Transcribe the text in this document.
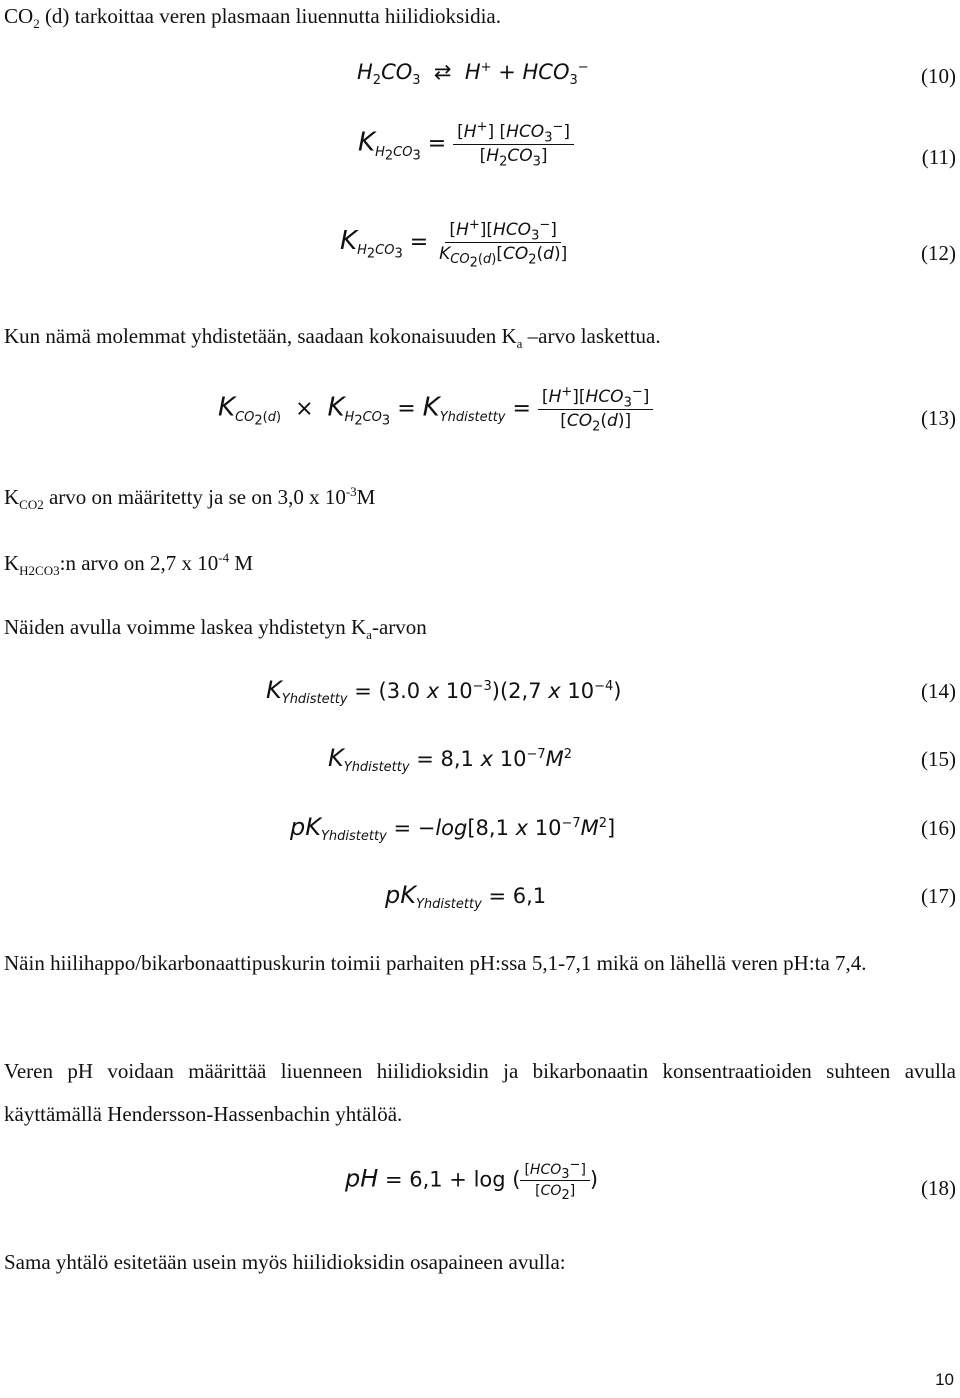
$CO_2$ (d) tarkoittaa veren plasmaan liuennutta hiilidioksidia.
$H_2CO_3$  ⇄  $H^+ + HCO_3^-$	(10)
$K_{H_2CO_3} = \frac{[H^+] [HCO_3^-]}{[H_2CO_3]}$	(11)
$K_{H_2CO_3} = \frac{[H^+][HCO_3^-]}{K_{CO_2(d)}[CO_2(d)]}$	(12)
Kun nämä molemmat yhdistetään, saadaan kokonaisuuden $K_a$ –arvo laskettua.
$K_{CO_2(d)} \times K_{H_2CO_3} = K_{Yhdistetty} = \frac{[H^+][HCO_3^-]}{[CO_2(d)]}$	(13)
$K_{CO2}$ arvo on määritetty ja se on 3,0 x $10^{-3}M$
$K_{H2CO3}:n$ arvo on 2,7 x $10^{-4}$ M
Näiden avulla voimme laskea yhdistetyn $K_a$-arvon
$K_{Yhdistetty} = (3.0$ x $10^{-3})(2,7$ x $10^{-4}$)	(14)
$K_{Yhdistetty} = 8,1$ x $10^{-7}M^2$	(15)
$pK_{Yhdistetty} = -\log[8,1$ x $10^{-7}M^2$]	(16)
$pK_{Yhdistetty} = 6,1$	(17)
Näin hiilihappo/bikarbonaattipuskurin toimii parhaiten pH:ssa 5,1-7,1 mikä on lähellä veren pH:ta 7,4.
Veren pH voidaan määrittää liuenneen hiilidioksidin ja bikarbonaatin konsentraatioiden suhteen avulla käyttämällä Hendersson-Hassenbachin yhtälöä.
pH = 6,1 + log ( $\frac{[HCO_3^-]}{[CO_2]}$ )	(18)
Sama yhtälö esitetään usein myös hiilidioksidin osapaineen avulla:
10
